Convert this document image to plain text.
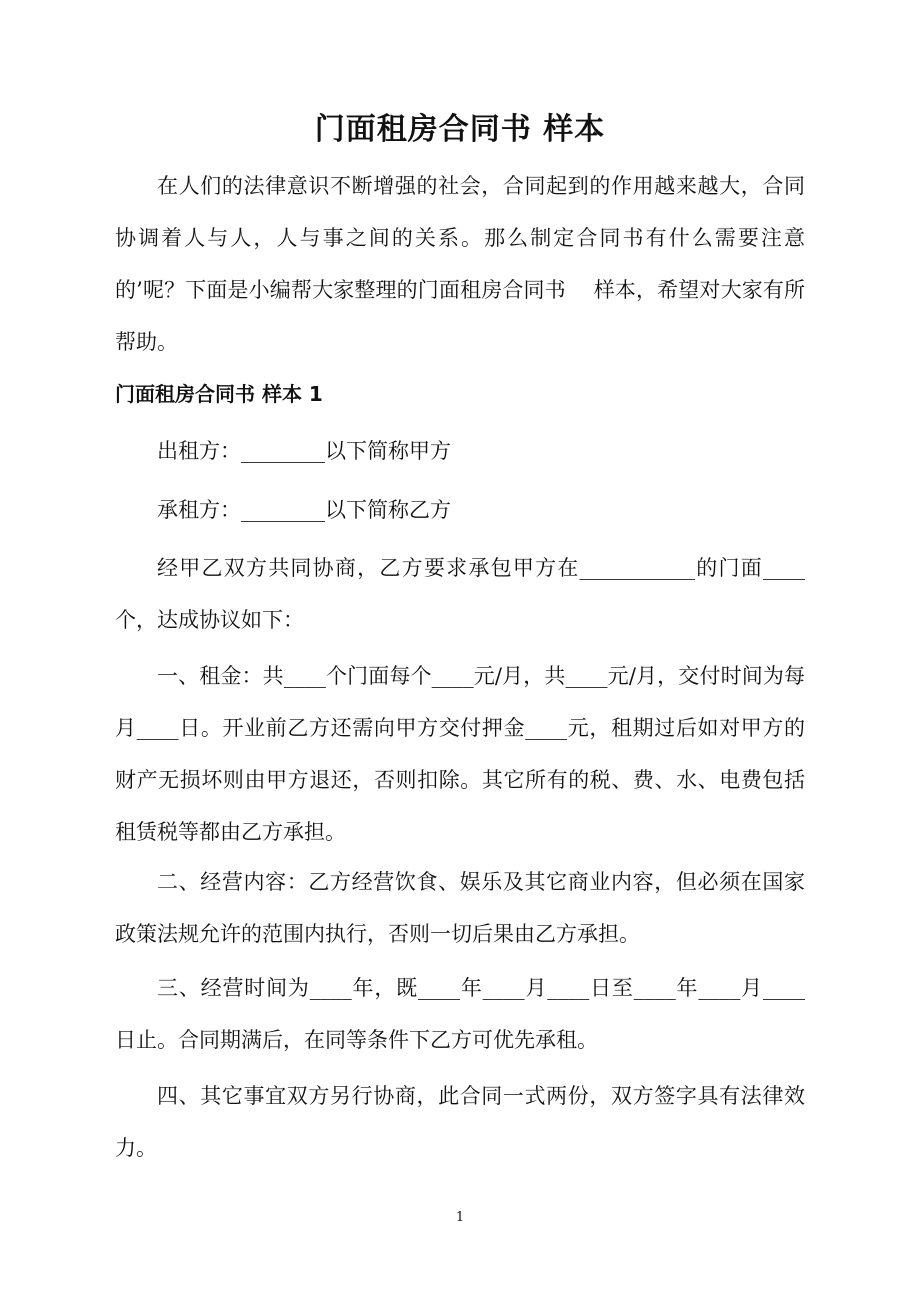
门面租房合同书 样本

在人们的法律意识不断增强的社会，合同起到的作用越来越大，合同协调着人与人，人与事之间的关系。那么制定合同书有什么需要注意的’呢？下面是小编帮大家整理的门面租房合同书　 样本，希望对大家有所帮助。

门面租房合同书 样本 1

出租方：________以下简称甲方

承租方：________以下简称乙方

经甲乙双方共同协商，乙方要求承包甲方在___________的门面____个，达成协议如下：

一、租金：共____个门面每个____元/月，共____元/月，交付时间为每月____日。开业前乙方还需向甲方交付押金____元，租期过后如对甲方的财产无损坏则由甲方退还，否则扣除。其它所有的税、费、水、电费包括租赁税等都由乙方承担。

二、经营内容：乙方经营饮食、娱乐及其它商业内容，但必须在国家政策法规允许的范围内执行，否则一切后果由乙方承担。

三、经营时间为____年，既____年____月____日至____年____月____日止。合同期满后，在同等条件下乙方可优先承租。

四、其它事宜双方另行协商，此合同一式两份，双方签字具有法律效力。

1
